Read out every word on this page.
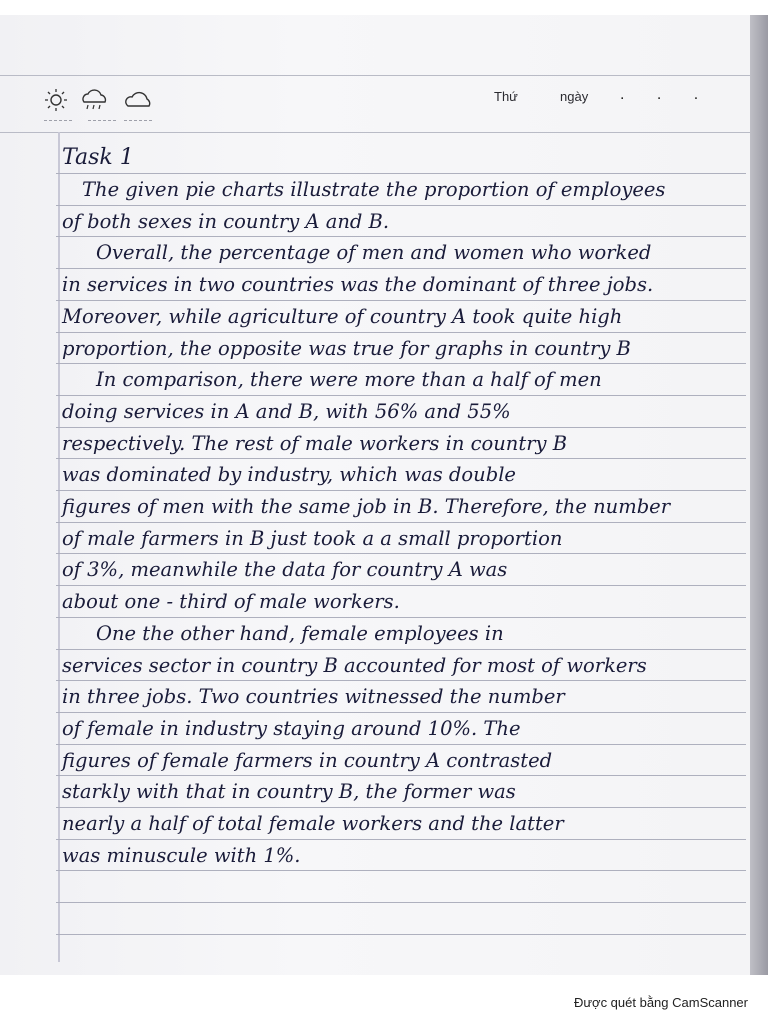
Thứ	ngày . . .
Task 1
The given pie charts illustrate the proportion of employees
of both sexes in country A and B.
Overall, the percentage of men and women who worked
in services in two countries was the dominant of three jobs.
Moreover, while agriculture of country A took quite high
proportion, the opposite was true for graphs in country B
In comparison, there were more than a half of men
doing services in A and B, with 56% and 55%
respectively. The rest of male workers in country B
was dominated by industry, which was double
figures of men with the same job in B. Therefore, the number
of male farmers in B just took a a small proportion
of 3%, meanwhile the data for country A was
about one - third of male workers.
One the other hand, female employees in
services sector in country B accounted for most of workers
in three jobs. Two countries witnessed the number
of female in industry staying around 10%. The
figures of female farmers in country A contrasted
starkly with that in country B, the former was
nearly a half of total female workers and the latter
was minuscule with 1%.
Được quét bằng CamScanner
